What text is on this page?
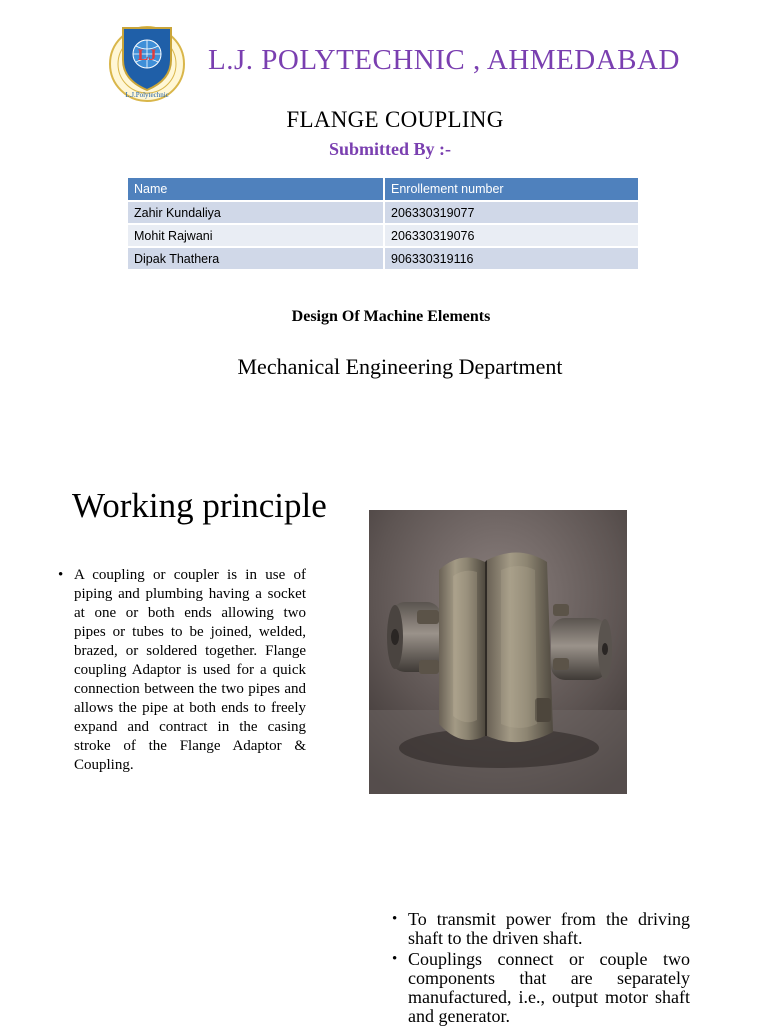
LJ
L.J.Polytechnic
L.J. POLYTECHNIC , AHMEDABAD
FLANGE COUPLING
Submitted By :-
Name	Enrollement number
Zahir Kundaliya	206330319077
Mohit Rajwani	206330319076
Dipak Thathera	906330319116
Design Of Machine Elements
Mechanical Engineering Department
Working principle
• A coupling or coupler is in use of piping and plumbing having a socket at one or both ends allowing two pipes or tubes to be joined, welded, brazed, or soldered together. Flange coupling Adaptor is used for a quick connection between the two pipes and allows the pipe at both ends to freely expand and contract in the casing stroke of the Flange Adaptor & Coupling.
• To transmit power from the driving shaft to the driven shaft.
• Couplings connect or couple two components that are separately manufactured, i.e., output motor shaft and generator.
